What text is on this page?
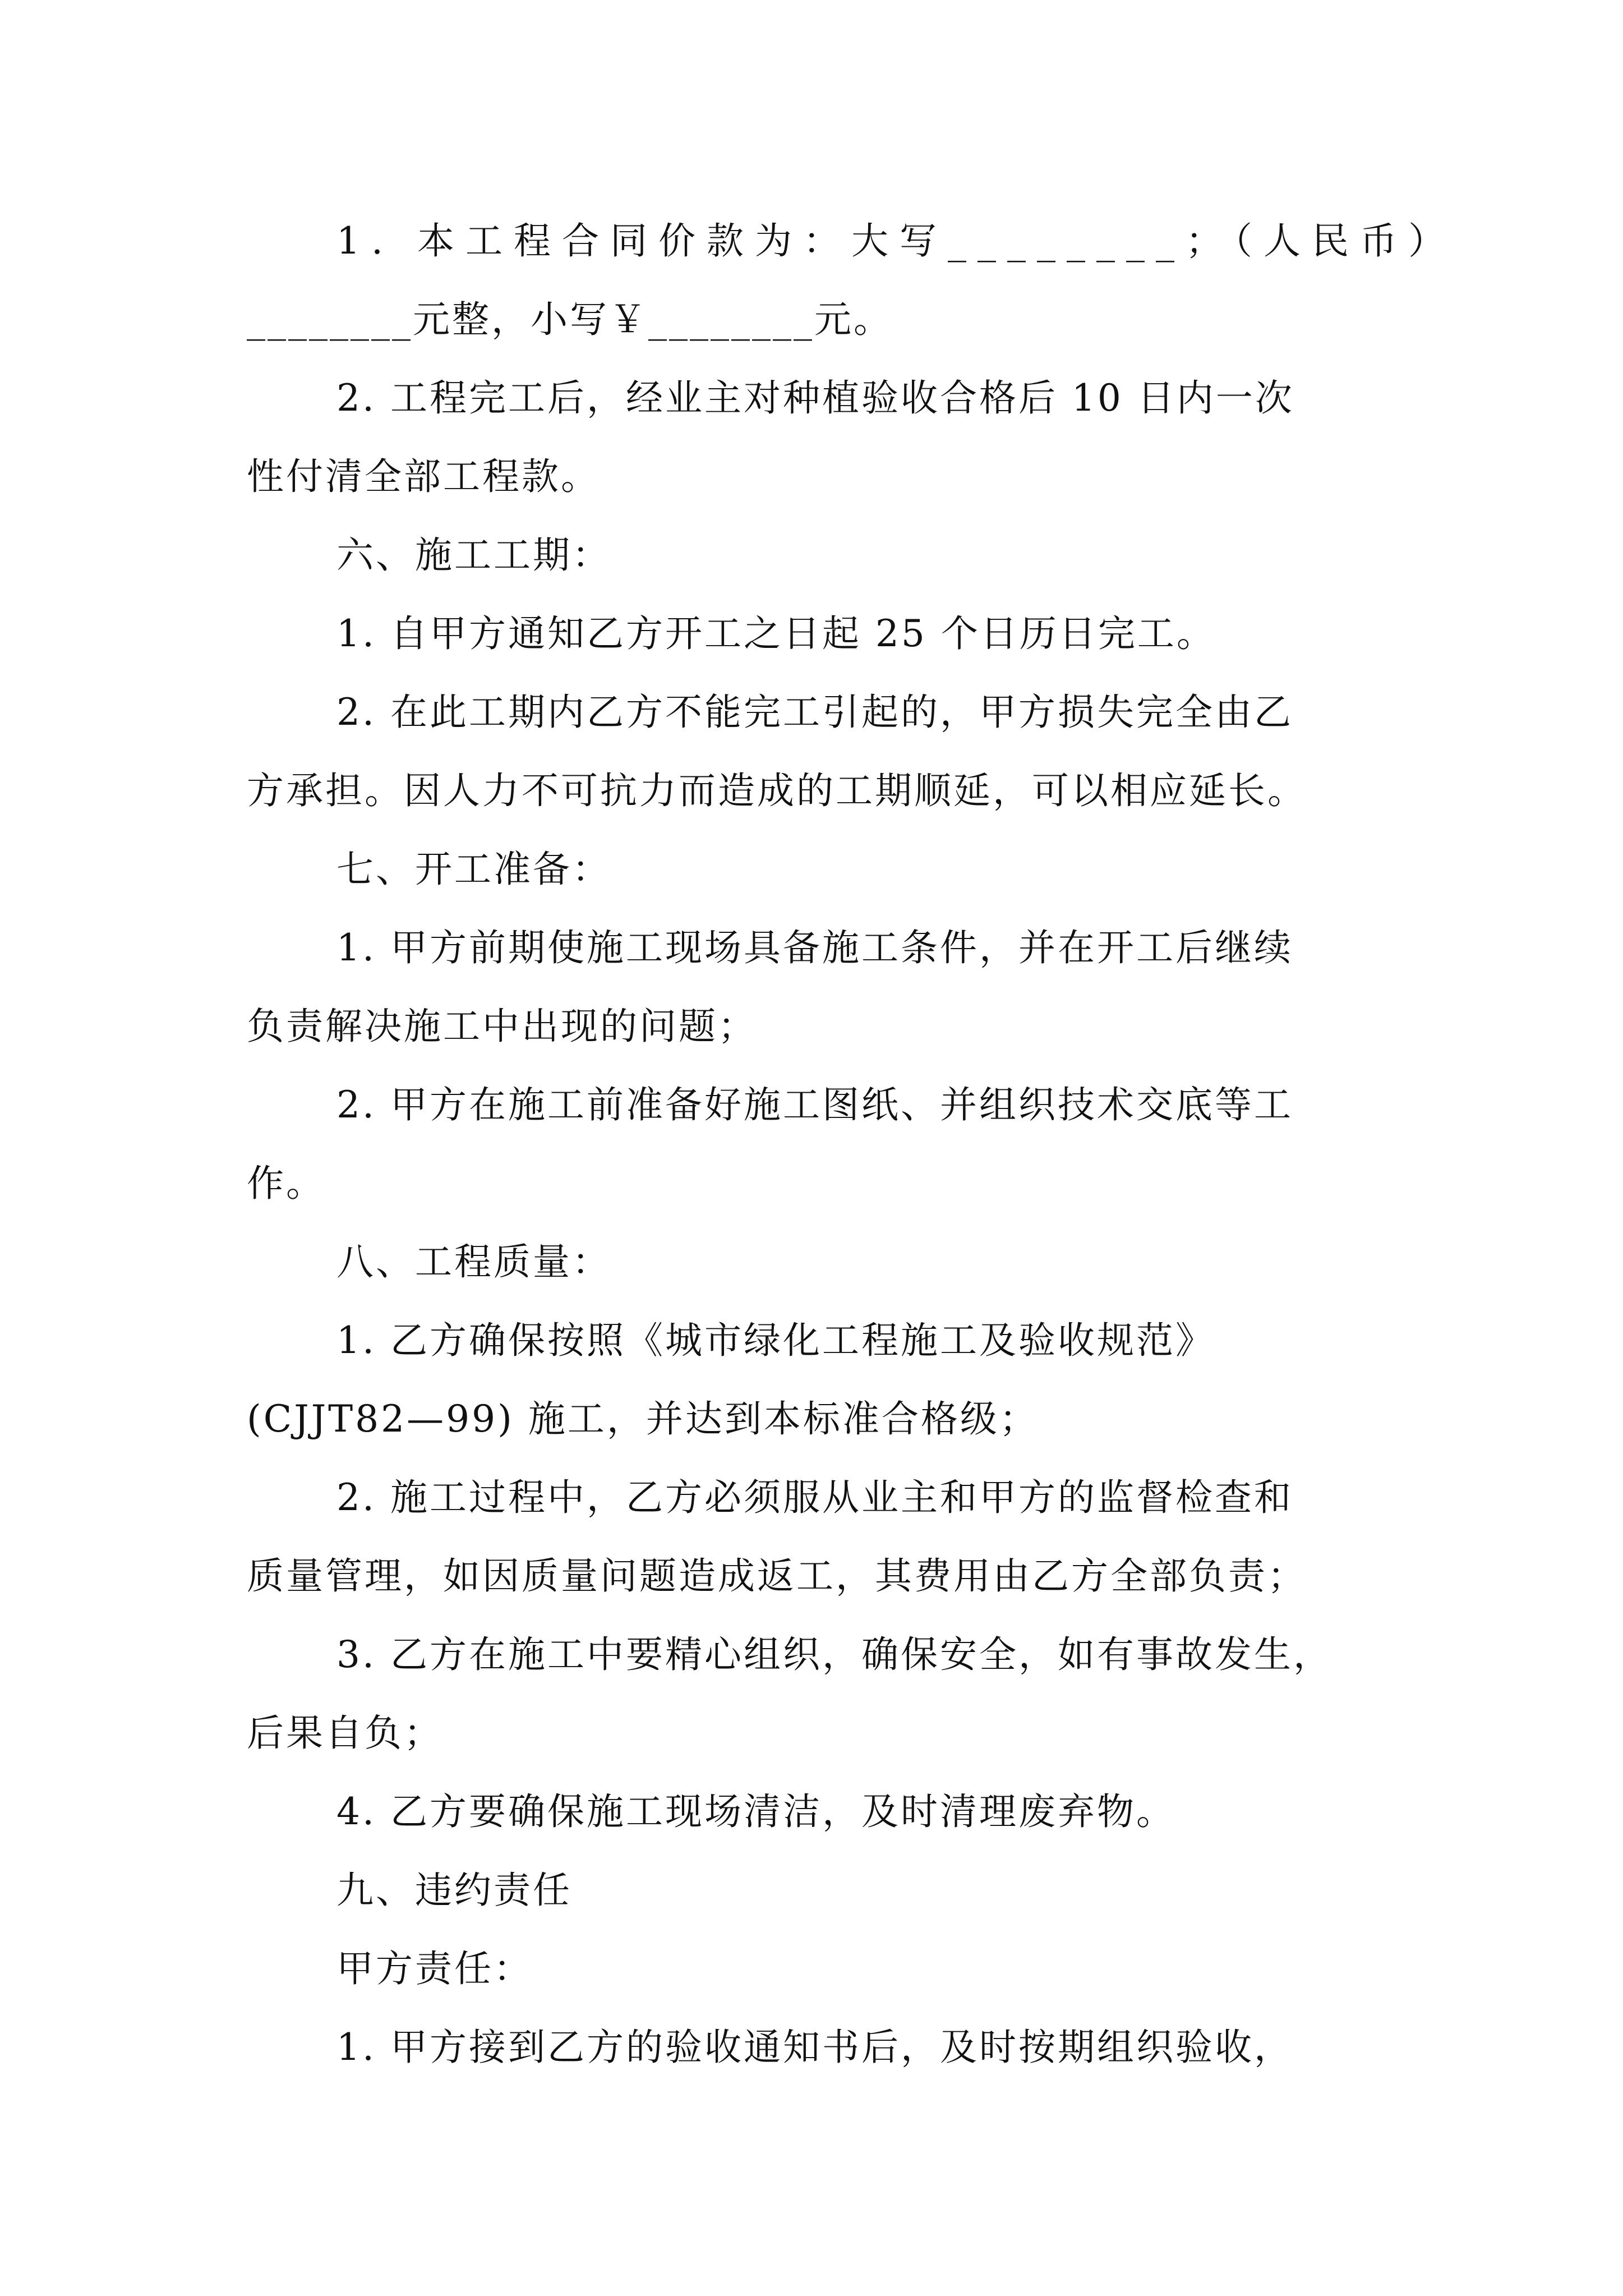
1. 本工程合同价款为：大写________；（人民币）
________元整，小写￥________元。
2. 工程完工后，经业主对种植验收合格后 10 日内一次
性付清全部工程款。
六、施工工期：
1. 自甲方通知乙方开工之日起 25 个日历日完工。
2. 在此工期内乙方不能完工引起的，甲方损失完全由乙
方承担。因人力不可抗力而造成的工期顺延，可以相应延长。
七、开工准备：
1. 甲方前期使施工现场具备施工条件，并在开工后继续
负责解决施工中出现的问题；
2. 甲方在施工前准备好施工图纸、并组织技术交底等工
作。
八、工程质量：
1. 乙方确保按照《城市绿化工程施工及验收规范》
(CJJT82—99) 施工，并达到本标准合格级；
2. 施工过程中，乙方必须服从业主和甲方的监督检查和
质量管理，如因质量问题造成返工，其费用由乙方全部负责；
3. 乙方在施工中要精心组织，确保安全，如有事故发生，
后果自负；
4. 乙方要确保施工现场清洁，及时清理废弃物。
九、违约责任
甲方责任：
1. 甲方接到乙方的验收通知书后，及时按期组织验收，
